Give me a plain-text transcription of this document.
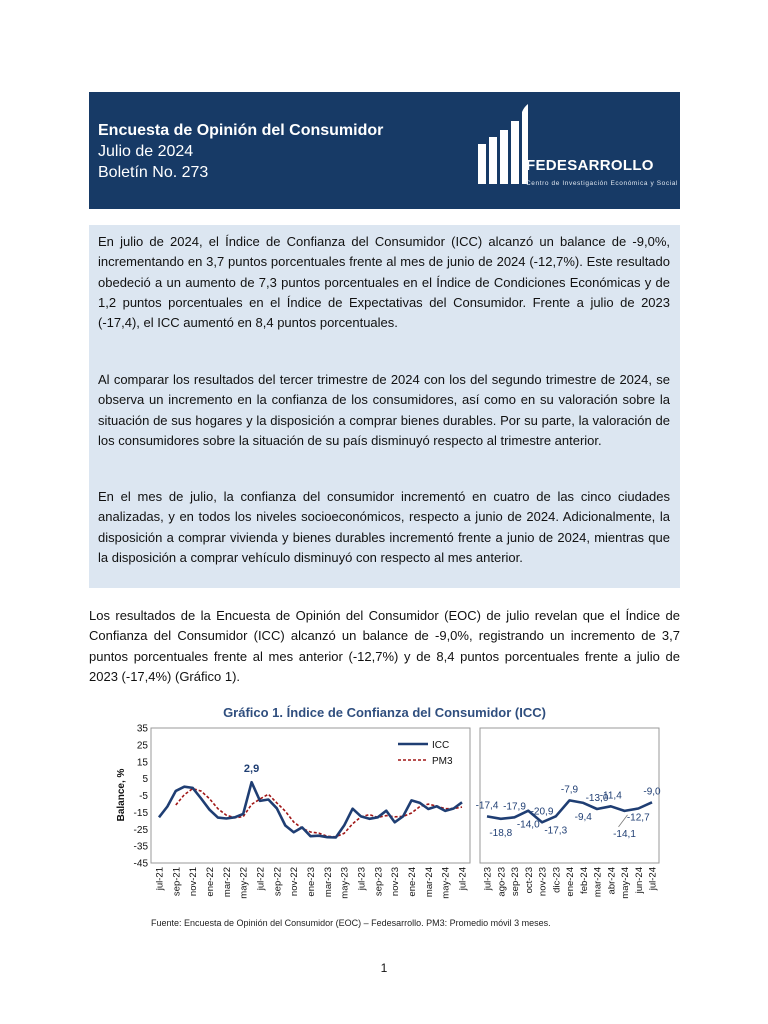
Encuesta de Opinión del Consumidor
Julio de 2024
Boletín No. 273	FEDESARROLLO
Centro de Investigación Económica y Social

En julio de 2024, el Índice de Confianza del Consumidor (ICC) alcanzó un balance de -9,0%, incrementando en 3,7 puntos porcentuales frente al mes de junio de 2024 (-12,7%). Este resultado obedeció a un aumento de 7,3 puntos porcentuales en el Índice de Condiciones Económicas y de 1,2 puntos porcentuales en el Índice de Expectativas del Consumidor. Frente a julio de 2023 (-17,4), el ICC aumentó en 8,4 puntos porcentuales.

Al comparar los resultados del tercer trimestre de 2024 con los del segundo trimestre de 2024, se observa un incremento en la confianza de los consumidores, así como en su valoración sobre la situación de sus hogares y la disposición a comprar bienes durables. Por su parte, la valoración de los consumidores sobre la situación de su país disminuyó respecto al trimestre anterior.

En el mes de julio, la confianza del consumidor incrementó en cuatro de las cinco ciudades analizadas, y en todos los niveles socioeconómicos, respecto a junio de 2024. Adicionalmente, la disposición a comprar vivienda y bienes durables incrementó frente a junio de 2024, mientras que la disposición a comprar vehículo disminuyó con respecto al mes anterior.

Los resultados de la Encuesta de Opinión del Consumidor (EOC) de julio revelan que el Índice de Confianza del Consumidor (ICC) alcanzó un balance de -9,0%, registrando un incremento de 3,7 puntos porcentuales frente al mes anterior (-12,7%) y de 8,4 puntos porcentuales frente a julio de 2023 (-17,4%) (Gráfico 1).

Gráfico 1. Índice de Confianza del Consumidor (ICC)

Balance, %
35
25
15
5
-5
-15
-25
-35
-45
jul-21 sep-21 nov-21 ene-22 mar-22 may-22 jul-22 sep-22 nov-22 ene-23 mar-23 may-23 jul-23 sep-23 nov-23 ene-24 mar-24 may-24 jul-24
2,9
jul-23 ago-23 sep-23 oct-23 nov-23 dic-23 ene-24 feb-24 mar-24 abr-24 may-24 jun-24 jul-24
-17,4
-18,8
-17,9
-14,0
-20,9
-17,3
-7,9
-9,4
-13,0
-11,4
-14,1
-12,7
-9,0
ICC
PM3

Fuente: Encuesta de Opinión del Consumidor (EOC) – Fedesarrollo. PM3: Promedio móvil 3 meses.

1
